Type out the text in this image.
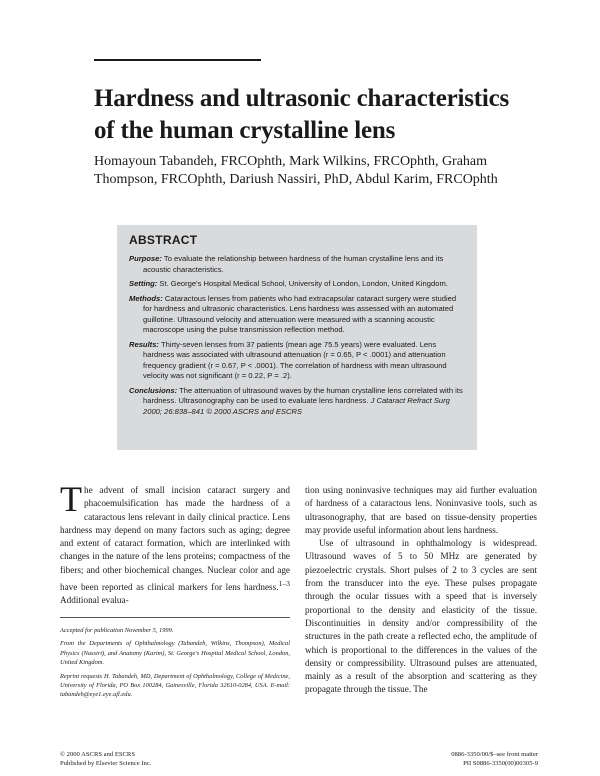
Hardness and ultrasonic characteristics of the human crystalline lens

Homayoun Tabandeh, FRCOphth, Mark Wilkins, FRCOphth, Graham Thompson, FRCOphth, Dariush Nassiri, PhD, Abdul Karim, FRCOphth

ABSTRACT

Purpose: To evaluate the relationship between hardness of the human crystalline lens and its acoustic characteristics.

Setting: St. George's Hospital Medical School, University of London, London, United Kingdom.

Methods: Cataractous lenses from patients who had extracapsular cataract surgery were studied for hardness and ultrasonic characteristics. Lens hardness was assessed with an automated guillotine. Ultrasound velocity and attenuation were measured with a scanning acoustic macroscope using the pulse transmission reflection method.

Results: Thirty-seven lenses from 37 patients (mean age 75.5 years) were evaluated. Lens hardness was associated with ultrasound attenuation (r = 0.65, P < .0001) and attenuation frequency gradient (r = 0.67, P < .0001). The correlation of hardness with mean ultrasound velocity was not significant (r = 0.22, P = .2).

Conclusions: The attenuation of ultrasound waves by the human crystalline lens correlated with its hardness. Ultrasonography can be used to evaluate lens hardness. J Cataract Refract Surg 2000; 26:838–841 © 2000 ASCRS and ESCRS

The advent of small incision cataract surgery and phacoemulsification has made the hardness of a cataractous lens relevant in daily clinical practice. Lens hardness may depend on many factors such as aging; degree and extent of cataract formation, which are interlinked with changes in the nature of the lens proteins; compactness of the fibers; and other biochemical changes. Nuclear color and age have been reported as clinical markers for lens hardness.$^{1-3}$ Additional evalua-

tion using noninvasive techniques may aid further evaluation of hardness of a cataractous lens. Noninvasive tools, such as ultrasonography, that are based on tissue-density properties may provide useful information about lens hardness.

Use of ultrasound in ophthalmology is widespread. Ultrasound waves of 5 to 50 MHz are generated by piezoelectric crystals. Short pulses of 2 to 3 cycles are sent from the transducer into the eye. These pulses propagate through the ocular tissues with a speed that is inversely proportional to the density and elasticity of the tissue. Discontinuities in density and/or compressibility of the structures in the path create a reflected echo, the amplitude of which is proportional to the differences in the values of the density or compressibility. Ultrasound pulses are attenuated, mainly as a result of the absorption and scattering as they propagate through the tissue. The

Accepted for publication November 5, 1999.

From the Departments of Ophthalmology (Tabandeh, Wilkins, Thompson), Medical Physics (Nassiri), and Anatomy (Karim), St. George's Hospital Medical School, London, United Kingdom.

Reprint requests H. Tabandeh, MD, Department of Ophthalmology, College of Medicine, University of Florida, PO Box 100284, Gainesville, Florida 32610-0284, USA. E-mail: tabandeh@eye1.eye.ufl.edu.

© 2000 ASCRS and ESCRS
Published by Elsevier Science Inc.
0886-3350/00/$–see front matter
PII S0886-3350(00)00305-9
